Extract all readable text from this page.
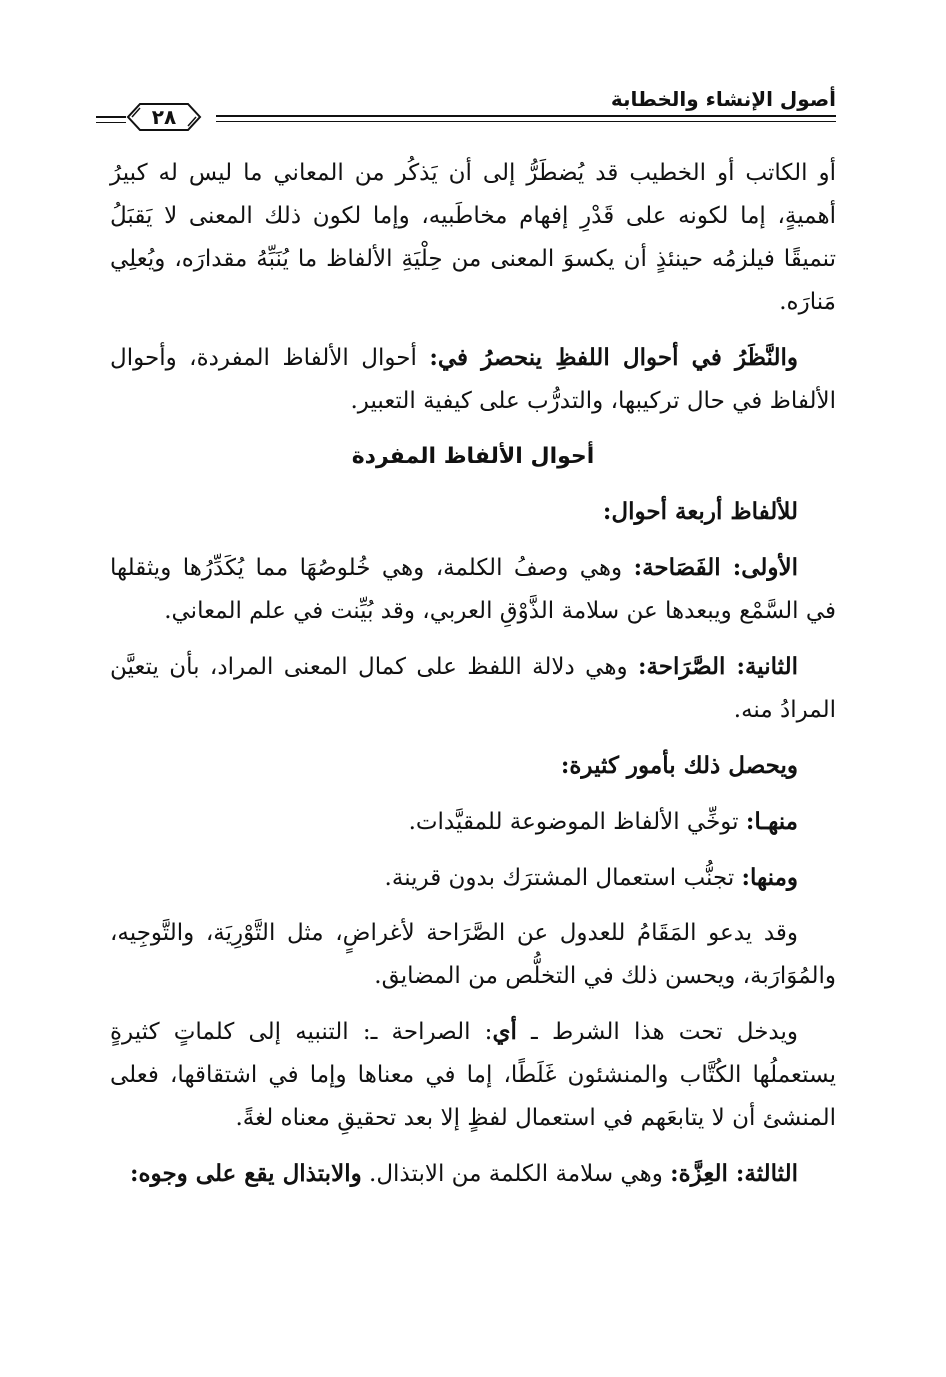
أصول الإنشاء والخطابة
٢٨

أو الكاتب أو الخطيب قد يُضطَرُّ إلى أن يَذكُر من المعاني ما ليس له كبيرُ أهميةٍ، إما لكونه على قَدْرِ إفهام مخاطَبيه، وإما لكون ذلك المعنى لا يَقبَلُ تنميقًا فيلزمُه حينئذٍ أن يكسوَ المعنى من حِلْيَةِ الألفاظ ما يُنَبِّهُ مقدارَه، ويُعلِي مَنارَه.

والنَّظَرُ في أحوال اللفظِ ينحصرُ في: أحوال الألفاظ المفردة، وأحوال الألفاظ في حال تركيبها، والتدرُّب على كيفية التعبير.

أحوال الألفاظ المفردة

للألفاظ أربعة أحوال:

الأولى: الفَصَاحة: وهي وصفُ الكلمة، وهي خُلوصُهَا مما يُكَدِّرُها ويثقلها في السَّمْع ويبعدها عن سلامة الذَّوْقِ العربي، وقد بُيِّنت في علم المعاني.

الثانية: الصَّرَاحة: وهي دلالة اللفظ على كمال المعنى المراد، بأن يتعيَّن المرادُ منه.

ويحصل ذلك بأمور كثيرة:

منهـا: توخِّي الألفاظ الموضوعة للمقيَّدات.

ومنها: تجنُّب استعمال المشترَك بدون قرينة.

وقد يدعو المَقَامُ للعدول عن الصَّرَاحة لأغراضٍ، مثل التَّوْرِيَة، والتَّوجِيه، والمُوَارَبة، ويحسن ذلك في التخلُّص من المضايق.

ويدخل تحت هذا الشرط ـ أي: الصراحة ـ: التنبيه إلى كلماتٍ كثيرةٍ يستعملُها الكُتَّاب والمنشئون غَلَطًا، إما في معناها وإما في اشتقاقها، فعلى المنشئ أن لا يتابعَهم في استعمال لفظٍ إلا بعد تحقيقِ معناه لغةً.

الثالثة: العِزَّة: وهي سلامة الكلمة من الابتذال. والابتذال يقع على وجوه:
